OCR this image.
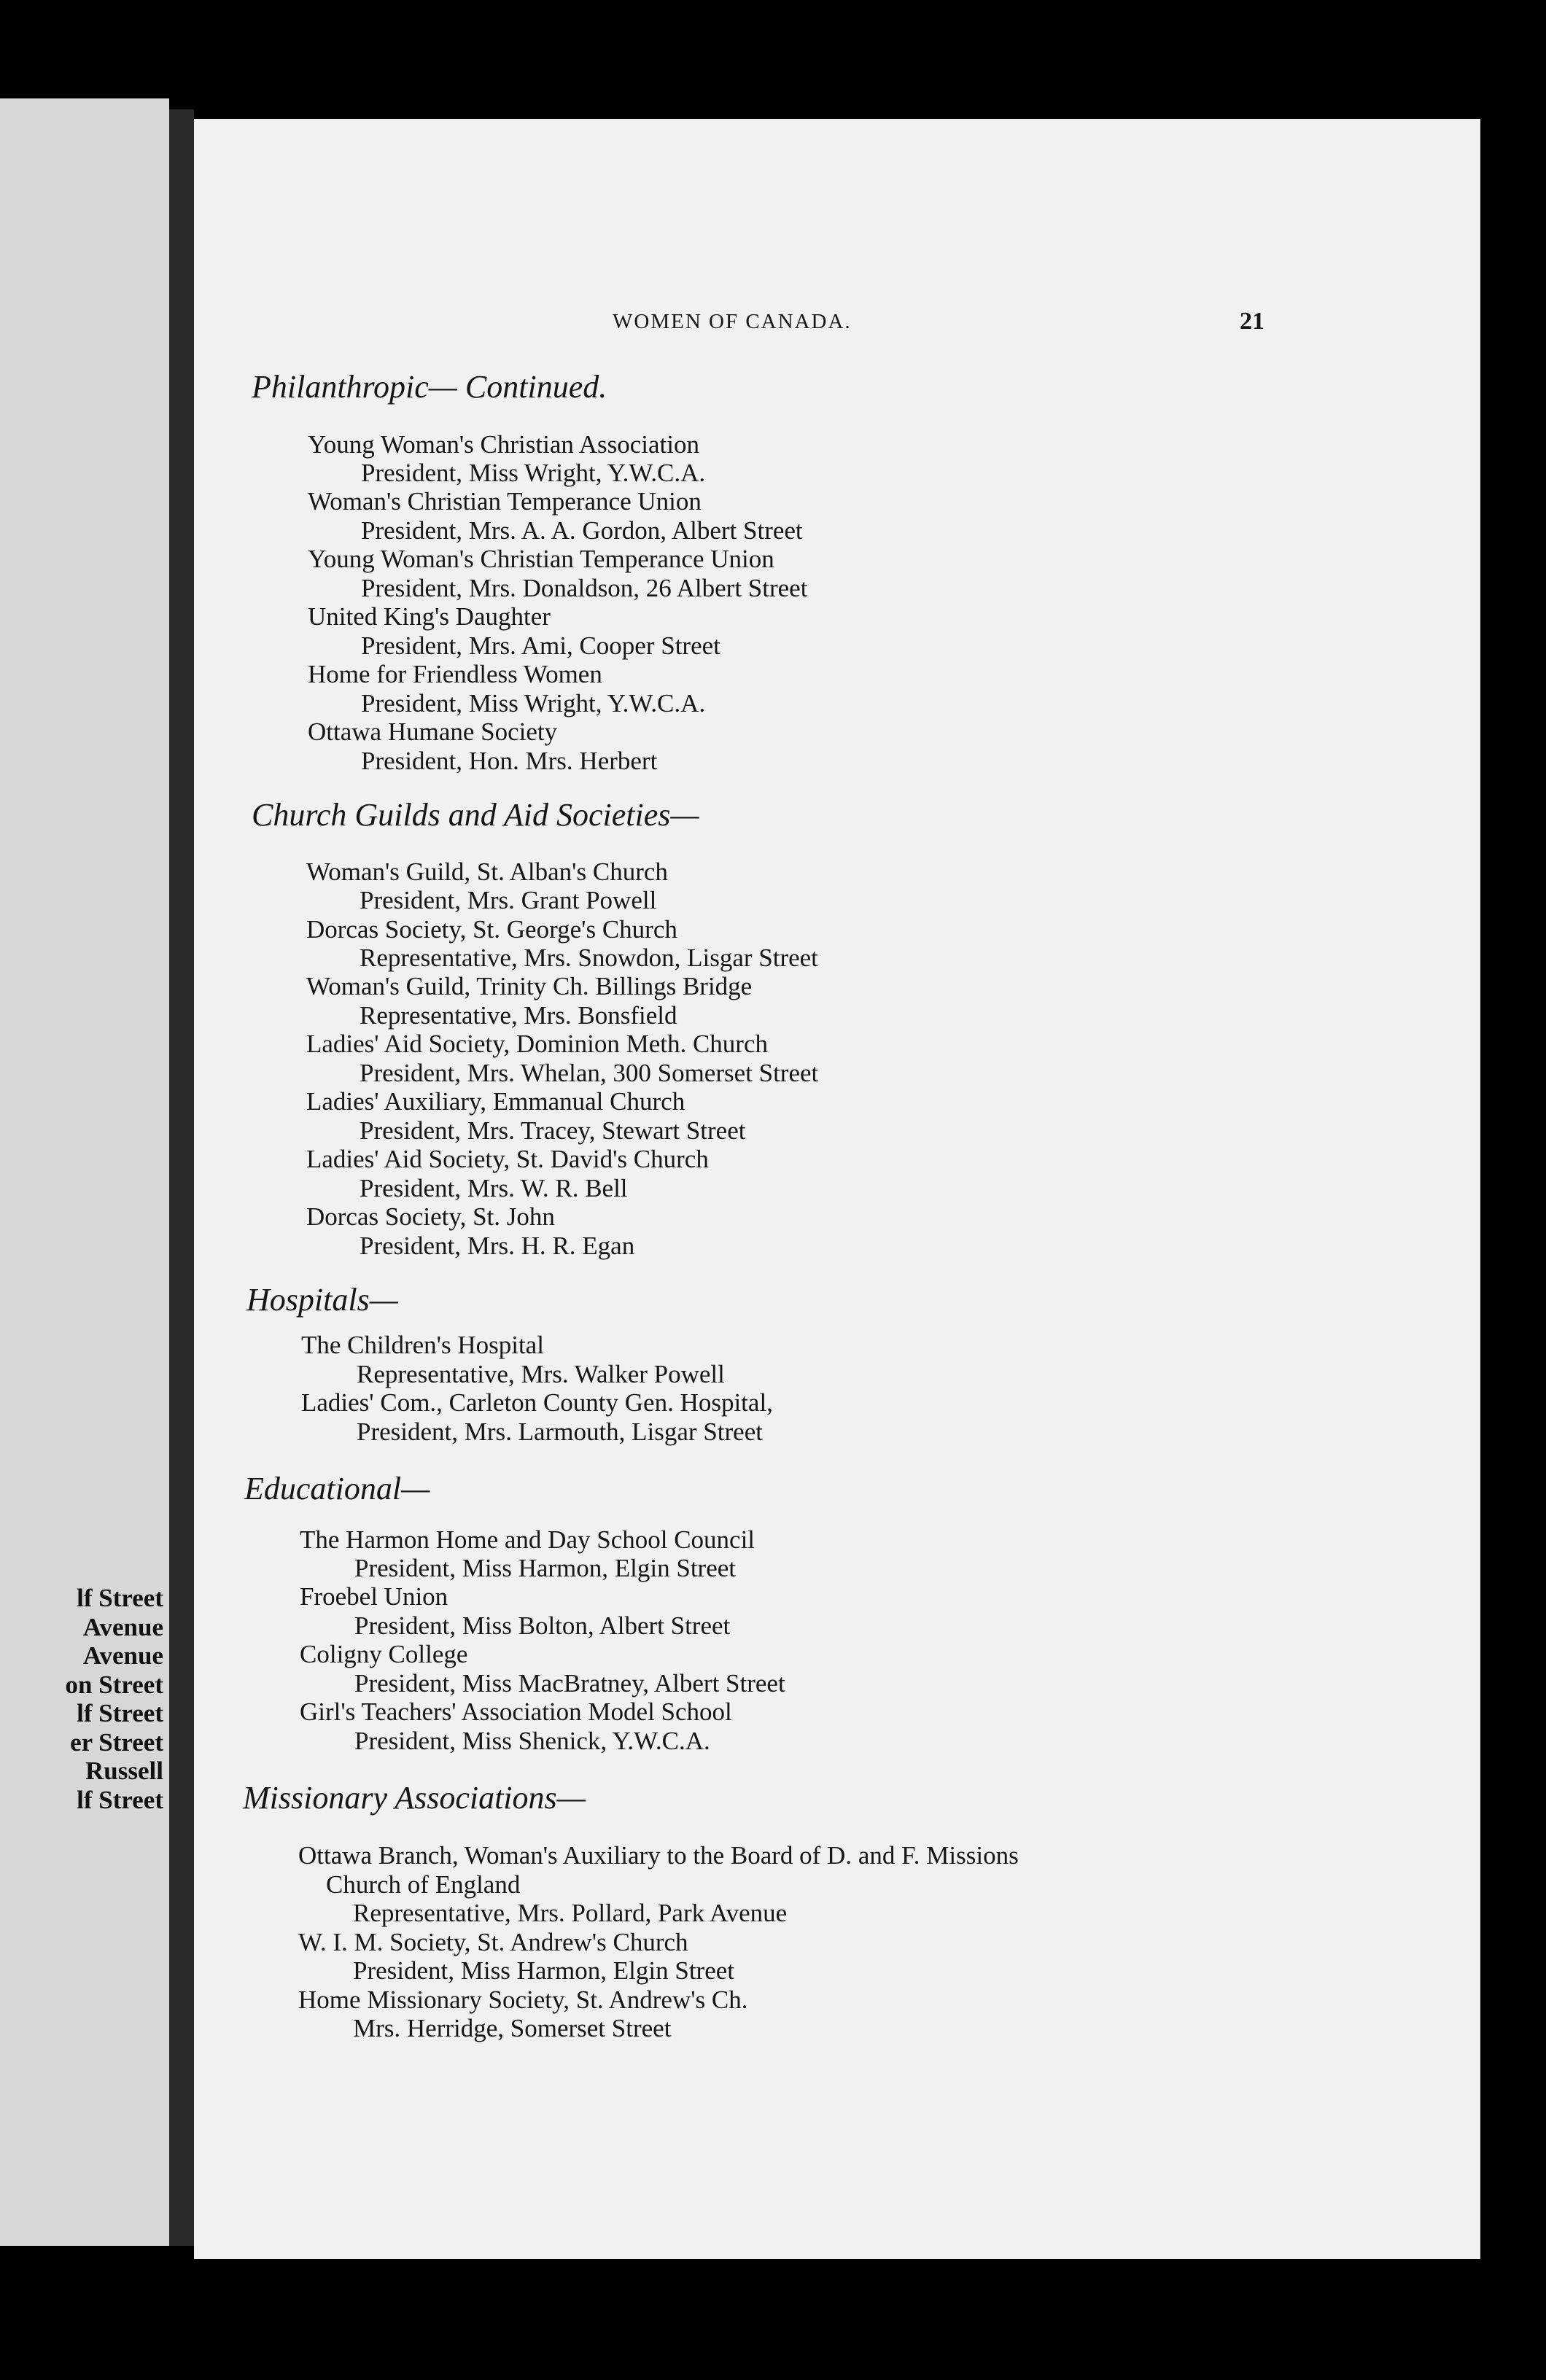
lf Street
Avenue
Avenue
on Street
lf Street
er Street
Russell
lf Street
WOMEN OF CANADA.	21
Philanthropic— Continued.
Young Woman's Christian Association
President, Miss Wright, Y.W.C.A.
Woman's Christian Temperance Union
President, Mrs. A. A. Gordon, Albert Street
Young Woman's Christian Temperance Union
President, Mrs. Donaldson, 26 Albert Street
United King's Daughter
President, Mrs. Ami, Cooper Street
Home for Friendless Women
President, Miss Wright, Y.W.C.A.
Ottawa Humane Society
President, Hon. Mrs. Herbert
Church Guilds and Aid Societies—
Woman's Guild, St. Alban's Church
President, Mrs. Grant Powell
Dorcas Society, St. George's Church
Representative, Mrs. Snowdon, Lisgar Street
Woman's Guild, Trinity Ch. Billings Bridge
Representative, Mrs. Bonsfield
Ladies' Aid Society, Dominion Meth. Church
President, Mrs. Whelan, 300 Somerset Street
Ladies' Auxiliary, Emmanual Church
President, Mrs. Tracey, Stewart Street
Ladies' Aid Society, St. David's Church
President, Mrs. W. R. Bell
Dorcas Society, St. John
President, Mrs. H. R. Egan
Hospitals—
The Children's Hospital
Representative, Mrs. Walker Powell
Ladies' Com., Carleton County Gen. Hospital,
President, Mrs. Larmouth, Lisgar Street
Educational—
The Harmon Home and Day School Council
President, Miss Harmon, Elgin Street
Froebel Union
President, Miss Bolton, Albert Street
Coligny College
President, Miss MacBratney, Albert Street
Girl's Teachers' Association Model School
President, Miss Shenick, Y.W.C.A.
Missionary Associations—
Ottawa Branch, Woman's Auxiliary to the Board of D. and F. Missions
Church of England
Representative, Mrs. Pollard, Park Avenue
W. I. M. Society, St. Andrew's Church
President, Miss Harmon, Elgin Street
Home Missionary Society, St. Andrew's Ch.
Mrs. Herridge, Somerset Street
